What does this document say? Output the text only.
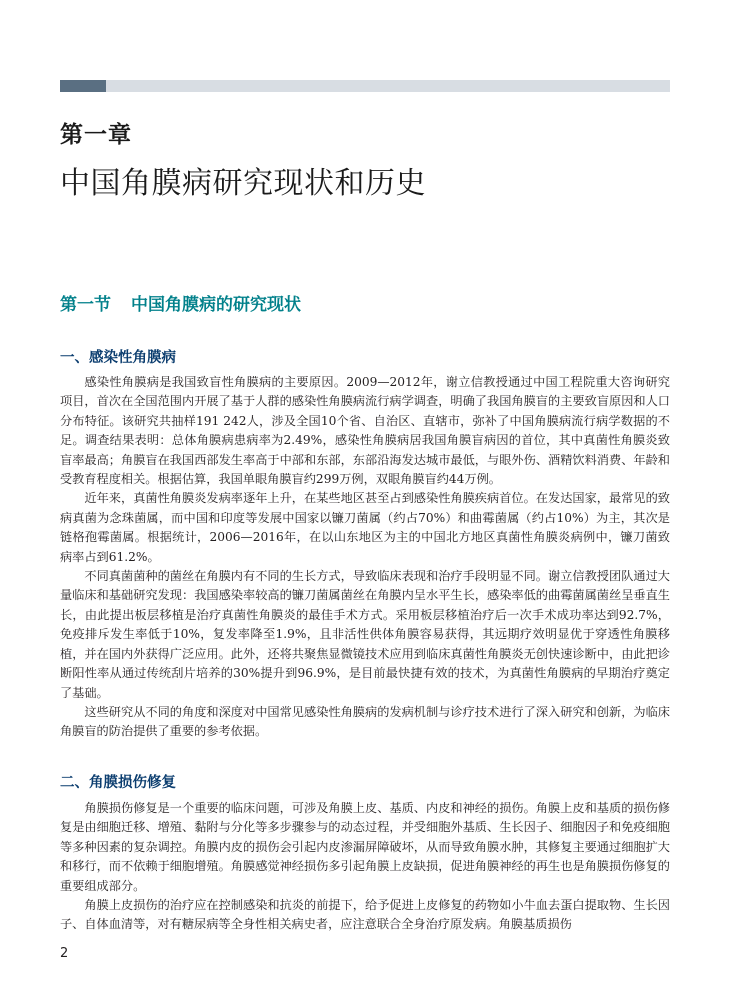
第一章
中国角膜病研究现状和历史
第一节 中国角膜病的研究现状
一、感染性角膜病

感染性角膜病是我国致盲性角膜病的主要原因。2009—2012年，谢立信教授通过中国工程院重大咨询研究项目，首次在全国范围内开展了基于人群的感染性角膜病流行病学调查，明确了我国角膜盲的主要致盲原因和人口分布特征。该研究共抽样191 242人，涉及全国10个省、自治区、直辖市，弥补了中国角膜病流行病学数据的不足。调查结果表明：总体角膜病患病率为2.49%，感染性角膜病居我国角膜盲病因的首位，其中真菌性角膜炎致盲率最高；角膜盲在我国西部发生率高于中部和东部，东部沿海发达城市最低，与眼外伤、酒精饮料消费、年龄和受教育程度相关。根据估算，我国单眼角膜盲约299万例，双眼角膜盲约44万例。

近年来，真菌性角膜炎发病率逐年上升，在某些地区甚至占到感染性角膜疾病首位。在发达国家，最常见的致病真菌为念珠菌属，而中国和印度等发展中国家以镰刀菌属（约占70%）和曲霉菌属（约占10%）为主，其次是链格孢霉菌属。根据统计，2006—2016年，在以山东地区为主的中国北方地区真菌性角膜炎病例中，镰刀菌致病率占到61.2%。

不同真菌菌种的菌丝在角膜内有不同的生长方式，导致临床表现和治疗手段明显不同。谢立信教授团队通过大量临床和基础研究发现：我国感染率较高的镰刀菌属菌丝在角膜内呈水平生长，感染率低的曲霉菌属菌丝呈垂直生长，由此提出板层移植是治疗真菌性角膜炎的最佳手术方式。采用板层移植治疗后一次手术成功率达到92.7%，免疫排斥发生率低于10%，复发率降至1.9%，且非活性供体角膜容易获得，其远期疗效明显优于穿透性角膜移植，并在国内外获得广泛应用。此外，还将共聚焦显微镜技术应用到临床真菌性角膜炎无创快速诊断中，由此把诊断阳性率从通过传统刮片培养的30%提升到96.9%，是目前最快捷有效的技术，为真菌性角膜病的早期治疗奠定了基础。

这些研究从不同的角度和深度对中国常见感染性角膜病的发病机制与诊疗技术进行了深入研究和创新，为临床角膜盲的防治提供了重要的参考依据。

二、角膜损伤修复

角膜损伤修复是一个重要的临床问题，可涉及角膜上皮、基质、内皮和神经的损伤。角膜上皮和基质的损伤修复是由细胞迁移、增殖、黏附与分化等多步骤参与的动态过程，并受细胞外基质、生长因子、细胞因子和免疫细胞等多种因素的复杂调控。角膜内皮的损伤会引起内皮渗漏屏障破坏，从而导致角膜水肿，其修复主要通过细胞扩大和移行，而不依赖于细胞增殖。角膜感觉神经损伤多引起角膜上皮缺损，促进角膜神经的再生也是角膜损伤修复的重要组成部分。

角膜上皮损伤的治疗应在控制感染和抗炎的前提下，给予促进上皮修复的药物如小牛血去蛋白提取物、生长因子、自体血清等，对有糖尿病等全身性相关病史者，应注意联合全身治疗原发病。角膜基质损伤

2
